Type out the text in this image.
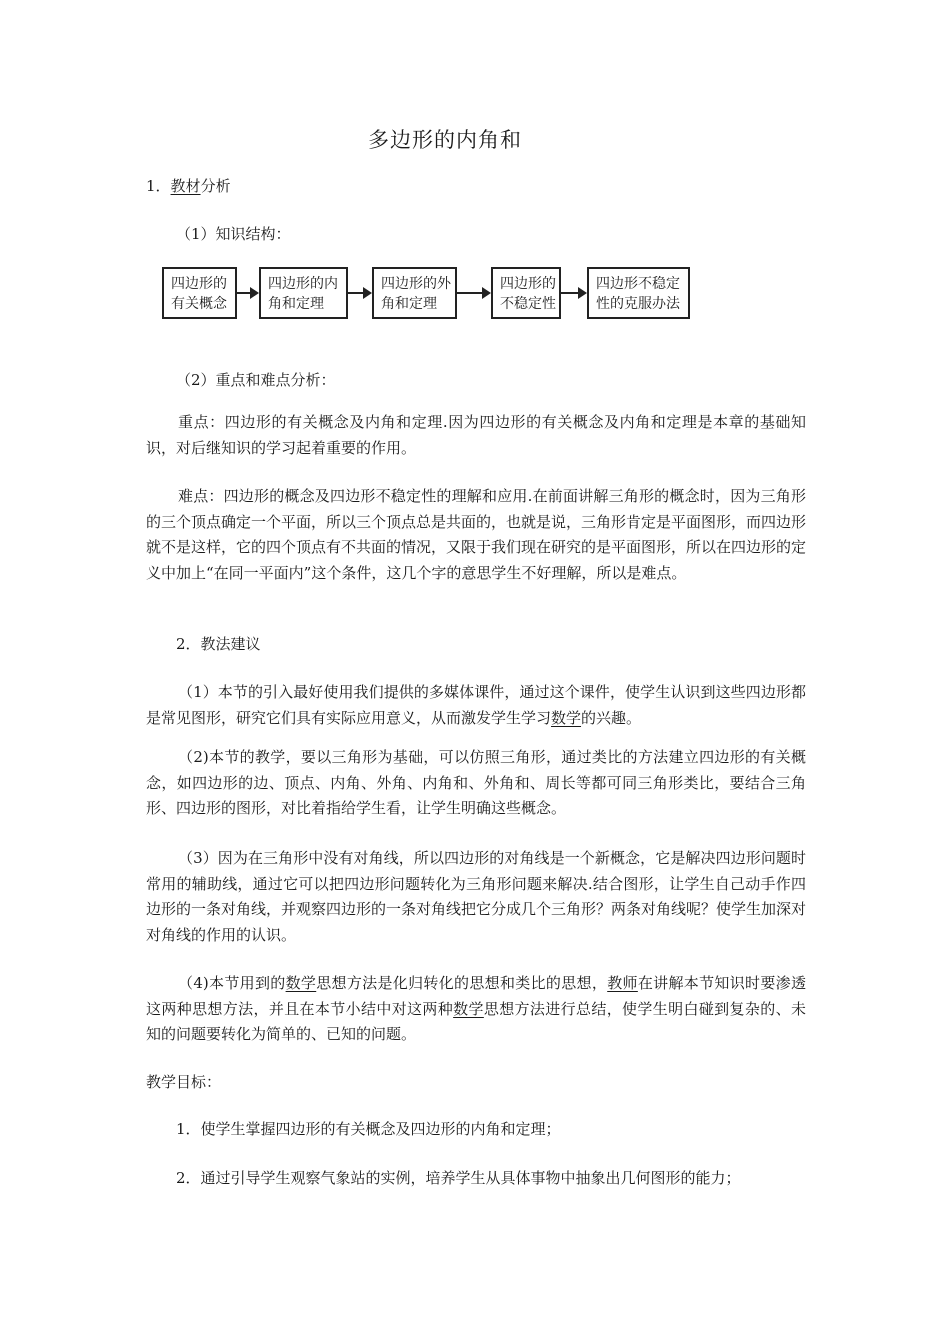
多边形的内角和
1．教材分析
（1）知识结构：
四边形的
有关概念
四边形的内
角和定理
四边形的外
角和定理
四边形的
不稳定性
四边形不稳定
性的克服办法
（2）重点和难点分析：
重点：四边形的有关概念及内角和定理.因为四边形的有关概念及内角和定理是本章的基础知识，对后继知识的学习起着重要的作用。
难点：四边形的概念及四边形不稳定性的理解和应用.在前面讲解三角形的概念时，因为三角形的三个顶点确定一个平面，所以三个顶点总是共面的，也就是说，三角形肯定是平面图形，而四边形就不是这样，它的四个顶点有不共面的情况，又限于我们现在研究的是平面图形，所以在四边形的定义中加上“在同一平面内”这个条件，这几个字的意思学生不好理解，所以是难点。
2．教法建议
（1）本节的引入最好使用我们提供的多媒体课件，通过这个课件，使学生认识到这些四边形都是常见图形，研究它们具有实际应用意义，从而激发学生学习数学的兴趣。
（2)本节的教学，要以三角形为基础，可以仿照三角形，通过类比的方法建立四边形的有关概念，如四边形的边、顶点、内角、外角、内角和、外角和、周长等都可同三角形类比，要结合三角形、四边形的图形，对比着指给学生看，让学生明确这些概念。
（3）因为在三角形中没有对角线，所以四边形的对角线是一个新概念，它是解决四边形问题时常用的辅助线，通过它可以把四边形问题转化为三角形问题来解决.结合图形，让学生自己动手作四边形的一条对角线，并观察四边形的一条对角线把它分成几个三角形？两条对角线呢？使学生加深对对角线的作用的认识。
（4)本节用到的数学思想方法是化归转化的思想和类比的思想，教师在讲解本节知识时要渗透这两种思想方法，并且在本节小结中对这两种数学思想方法进行总结，使学生明白碰到复杂的、未知的问题要转化为简单的、已知的问题。
教学目标：
1．使学生掌握四边形的有关概念及四边形的内角和定理；
2．通过引导学生观察气象站的实例，培养学生从具体事物中抽象出几何图形的能力；
